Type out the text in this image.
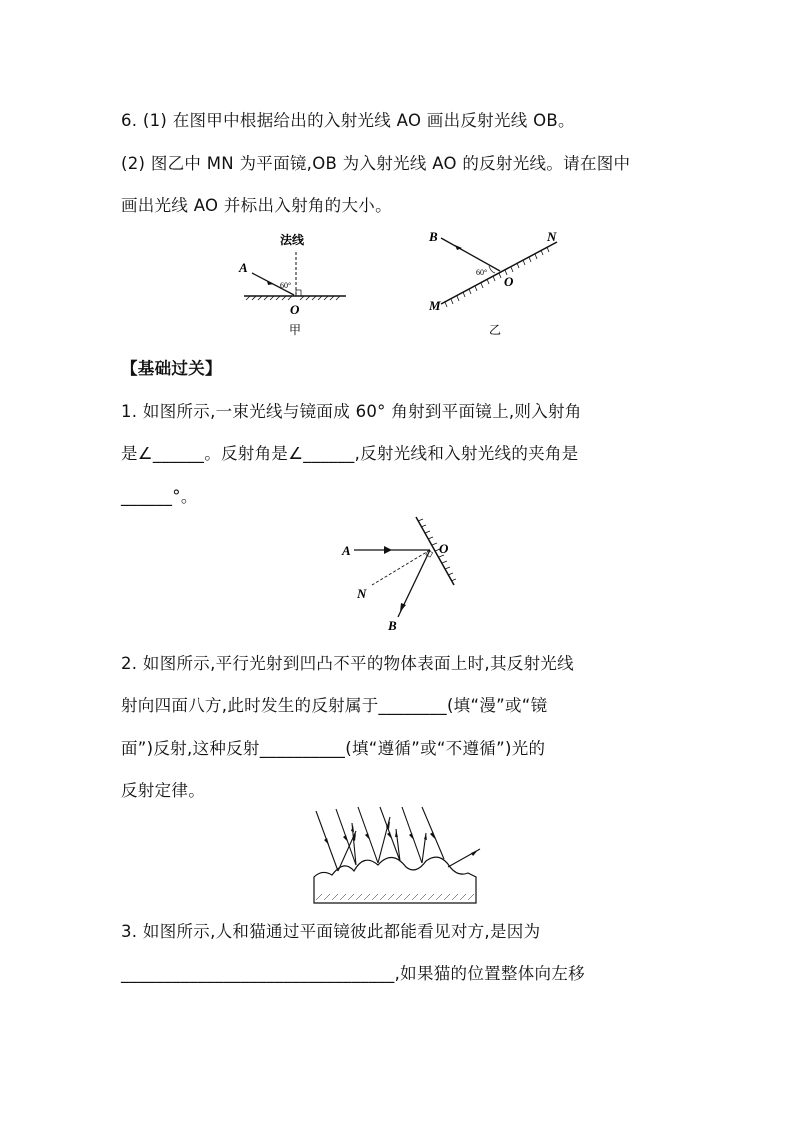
6. (1) 在图甲中根据给出的入射光线 AO 画出反射光线 OB。
(2) 图乙中 MN 为平面镜,OB 为入射光线 AO 的反射光线。请在图中
画出光线 AO 并标出入射角的大小。
法线
A
60°
O
甲
B	N
60°
O
M
乙
【基础过关】
1. 如图所示,一束光线与镜面成 60° 角射到平面镜上,则入射角
是∠______。反射角是∠______,反射光线和入射光线的夹角是
______°。
A	O
N
B
2. 如图所示,平行光射到凹凸不平的物体表面上时,其反射光线
射向四面八方,此时发生的反射属于________(填“漫”或“镜
面”)反射,这种反射__________(填“遵循”或“不遵循”)光的
反射定律。
3. 如图所示,人和猫通过平面镜彼此都能看见对方,是因为
________________________________,如果猫的位置整体向左移
